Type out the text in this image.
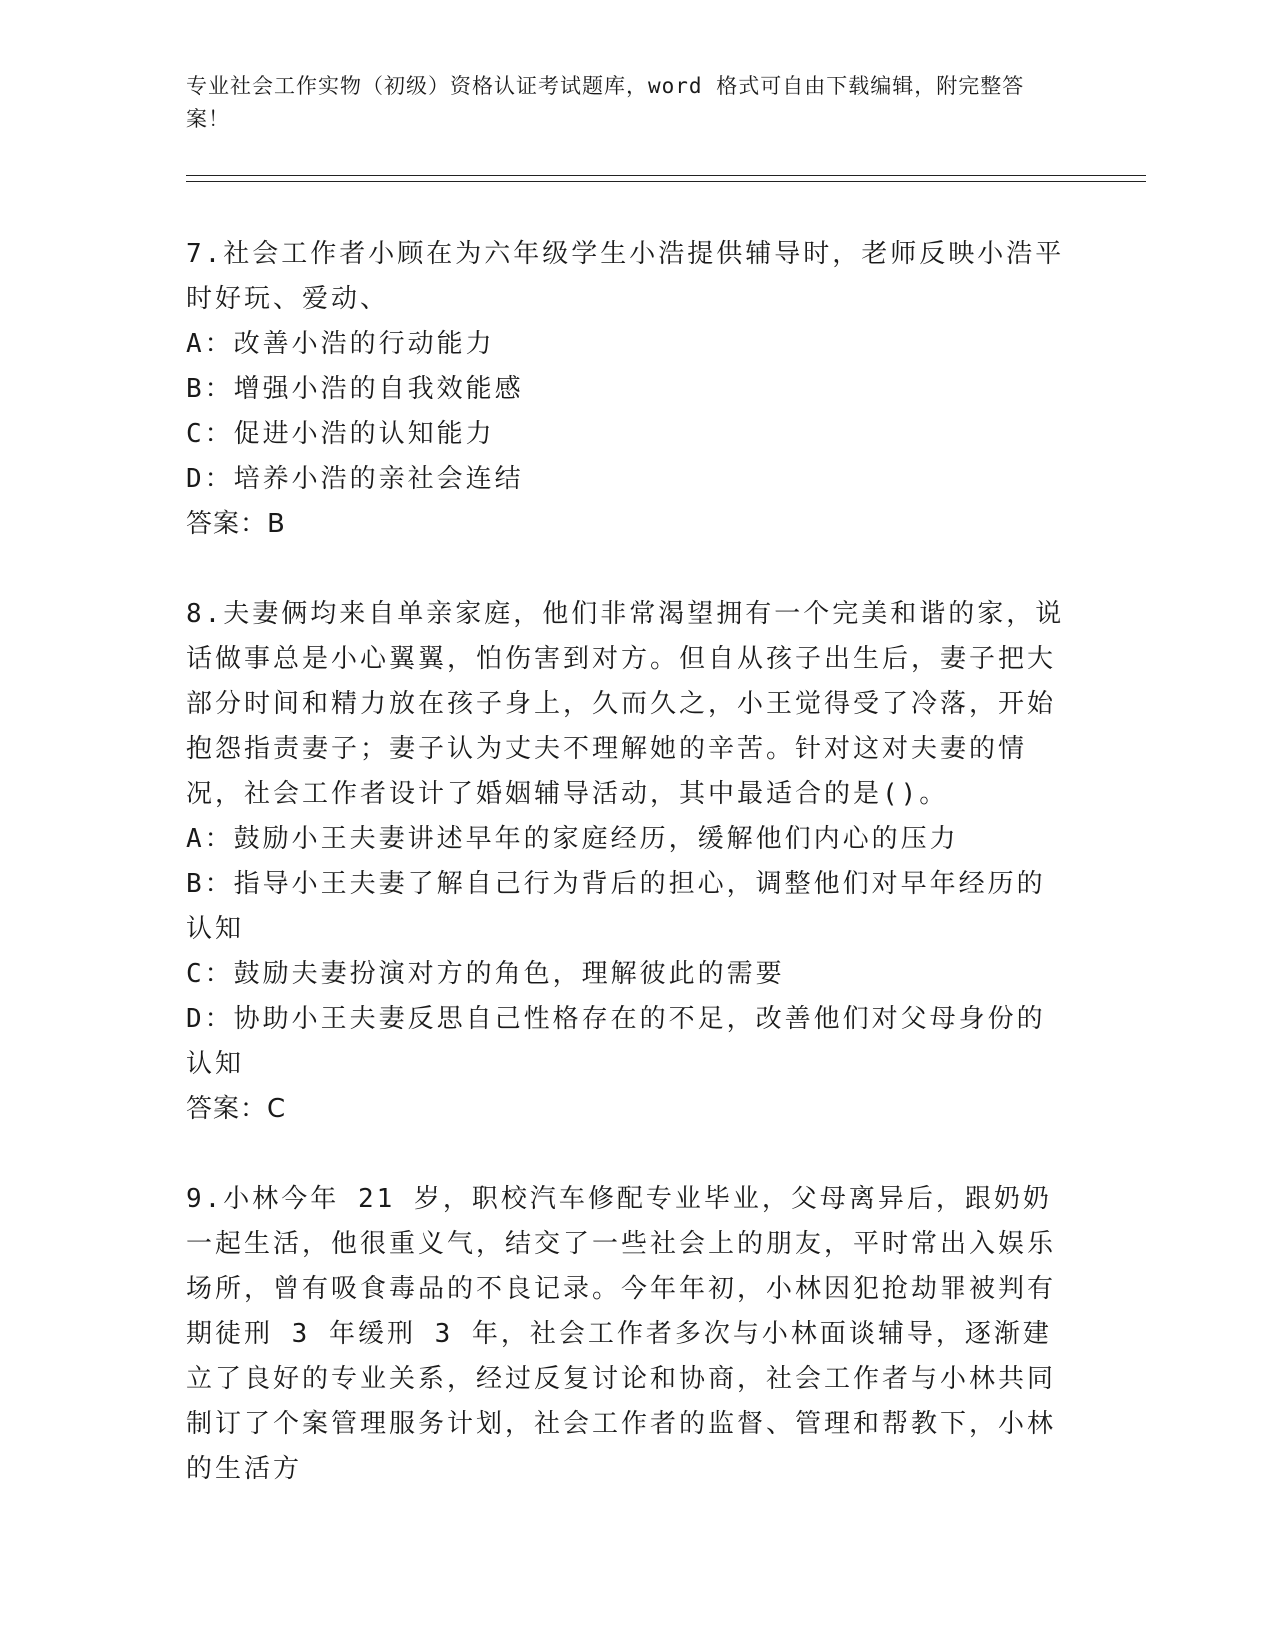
专业社会工作实物（初级）资格认证考试题库，word 格式可自由下载编辑，附完整答案！

7.社会工作者小顾在为六年级学生小浩提供辅导时，老师反映小浩平时好玩、爱动、

A：改善小浩的行动能力

B：增强小浩的自我效能感

C：促进小浩的认知能力

D：培养小浩的亲社会连结

答案：B

8.夫妻俩均来自单亲家庭，他们非常渴望拥有一个完美和谐的家，说话做事总是小心翼翼，怕伤害到对方。但自从孩子出生后，妻子把大部分时间和精力放在孩子身上，久而久之，小王觉得受了冷落，开始抱怨指责妻子；妻子认为丈夫不理解她的辛苦。针对这对夫妻的情况，社会工作者设计了婚姻辅导活动，其中最适合的是()。

A：鼓励小王夫妻讲述早年的家庭经历，缓解他们内心的压力

B：指导小王夫妻了解自己行为背后的担心，调整他们对早年经历的认知

C：鼓励夫妻扮演对方的角色，理解彼此的需要

D：协助小王夫妻反思自己性格存在的不足，改善他们对父母身份的认知

答案：C

9.小林今年 21 岁，职校汽车修配专业毕业，父母离异后，跟奶奶一起生活，他很重义气，结交了一些社会上的朋友，平时常出入娱乐场所，曾有吸食毒品的不良记录。今年年初，小林因犯抢劫罪被判有期徒刑 3 年缓刑 3 年，社会工作者多次与小林面谈辅导，逐渐建立了良好的专业关系，经过反复讨论和协商，社会工作者与小林共同制订了个案管理服务计划，社会工作者的监督、管理和帮教下，小林的生活方
